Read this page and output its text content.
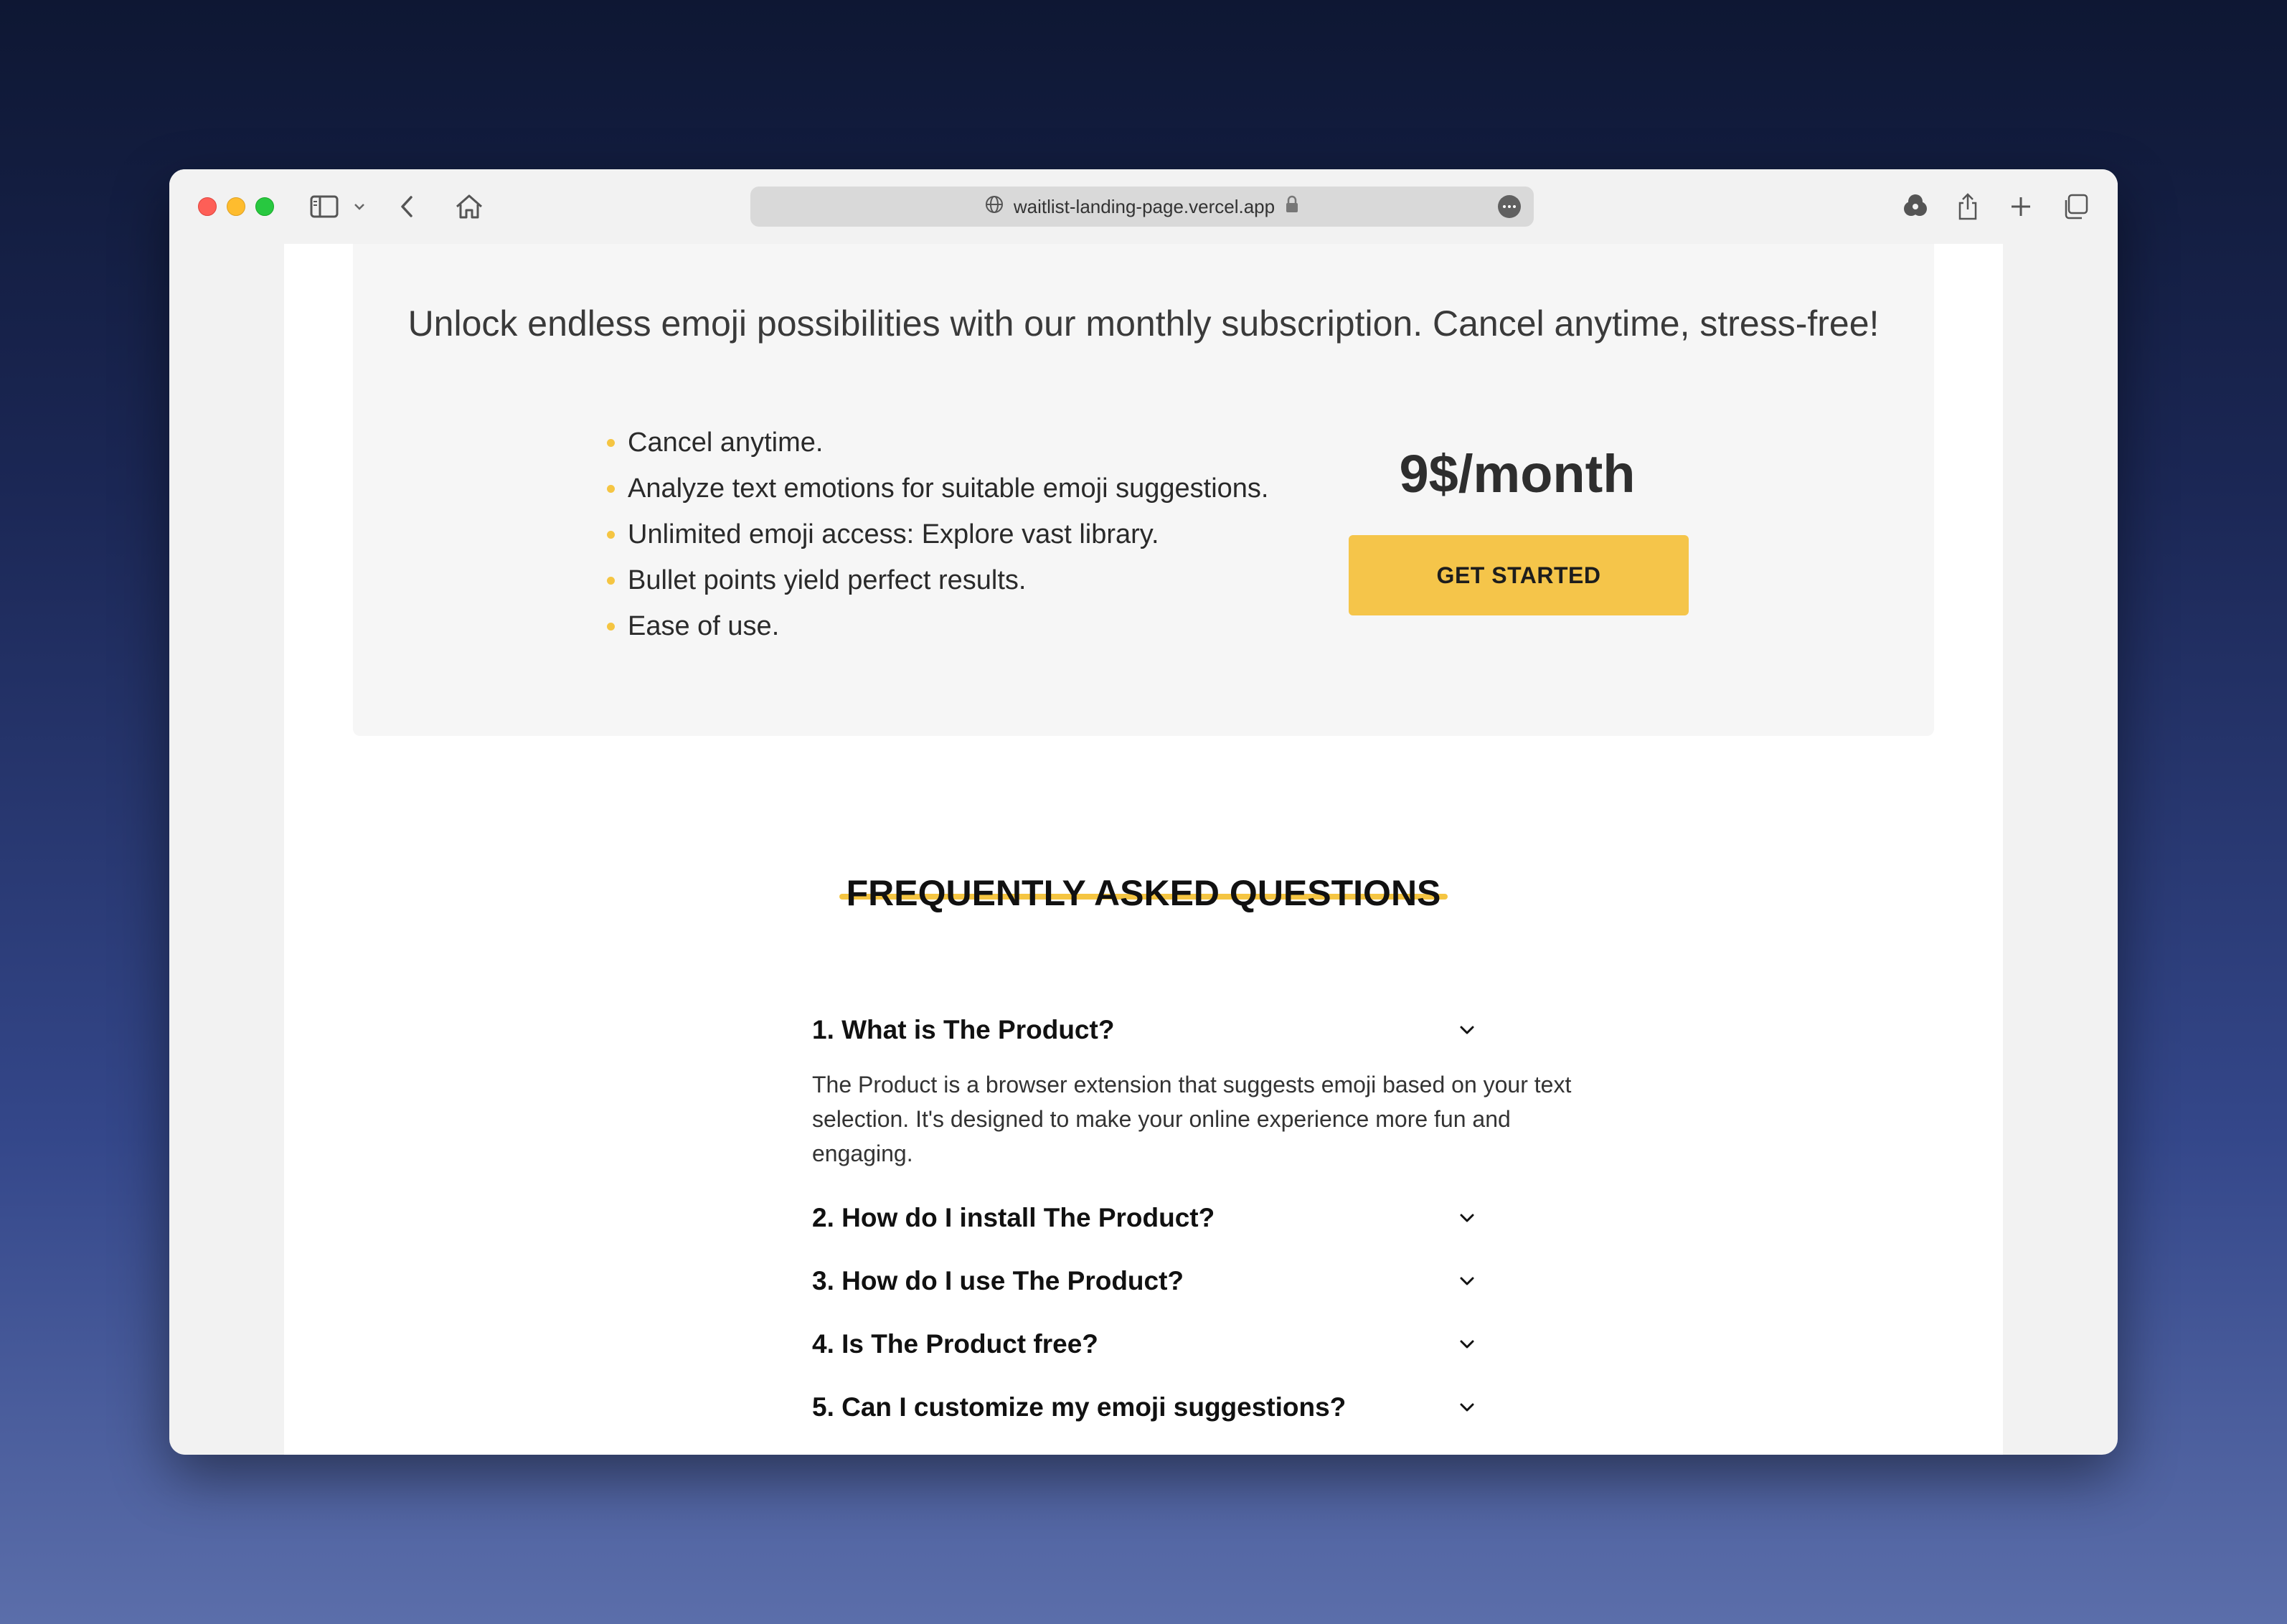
waitlist-landing-page.vercel.app

Unlock endless emoji possibilities with our monthly subscription. Cancel anytime, stress-free!

Cancel anytime.
Analyze text emotions for suitable emoji suggestions.
Unlimited emoji access: Explore vast library.
Bullet points yield perfect results.
Ease of use.
9$/month
GET STARTED
FREQUENTLY ASKED QUESTIONS
1. What is The Product?

The Product is a browser extension that suggests emoji based on your text selection. It's designed to make your online experience more fun and engaging.

2. How do I install The Product?
3. How do I use The Product?
4. Is The Product free?
5. Can I customize my emoji suggestions?
